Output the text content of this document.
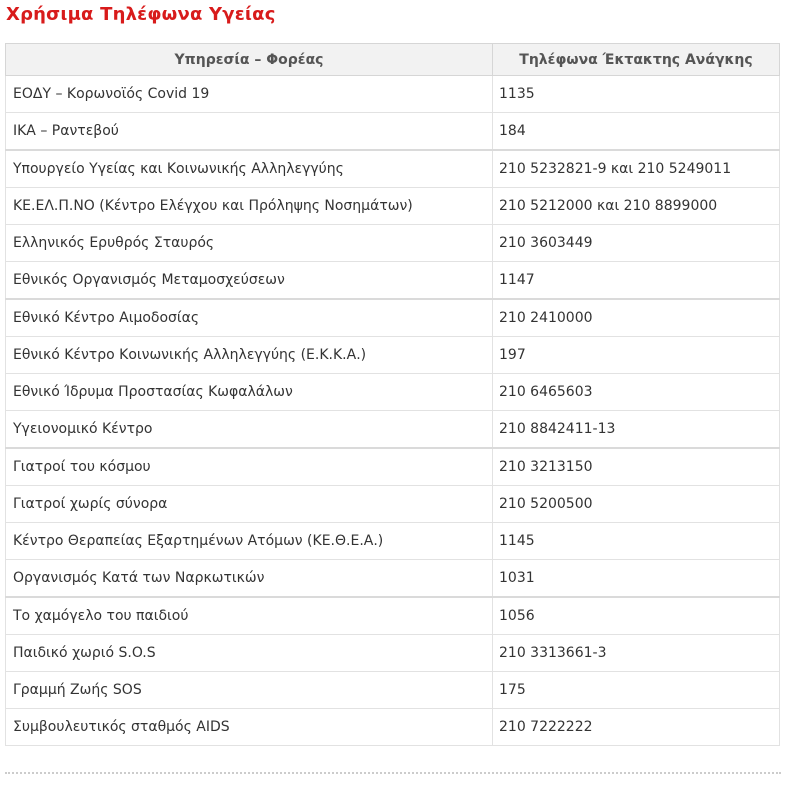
Χρήσιμα Τηλέφωνα Υγείας
Υπηρεσία – Φορέας	Τηλέφωνα Έκτακτης Ανάγκης
ΕΟΔΥ – Κορωνοϊός Covid 19	1135
ΙΚΑ – Ραντεβού	184
Υπουργείο Υγείας και Κοινωνικής Αλληλεγγύης	210 5232821-9 και 210 5249011
ΚΕ.ΕΛ.Π.ΝΟ (Κέντρο Ελέγχου και Πρόληψης Νοσημάτων)	210 5212000 και 210 8899000
Ελληνικός Ερυθρός Σταυρός	210 3603449
Εθνικός Οργανισμός Μεταμοσχεύσεων	1147
Εθνικό Κέντρο Αιμοδοσίας	210 2410000
Εθνικό Κέντρο Κοινωνικής Αλληλεγγύης (Ε.Κ.Κ.Α.)	197
Εθνικό Ίδρυμα Προστασίας Κωφαλάλων	210 6465603
Υγειονομικό Κέντρο	210 8842411-13
Γιατροί του κόσμου	210 3213150
Γιατροί χωρίς σύνορα	210 5200500
Κέντρο Θεραπείας Εξαρτημένων Ατόμων (ΚΕ.Θ.Ε.Α.)	1145
Οργανισμός Κατά των Ναρκωτικών	1031
Το χαμόγελο του παιδιού	1056
Παιδικό χωριό S.O.S	210 3313661-3
Γραμμή Ζωής SOS	175
Συμβουλευτικός σταθμός AIDS	210 7222222
